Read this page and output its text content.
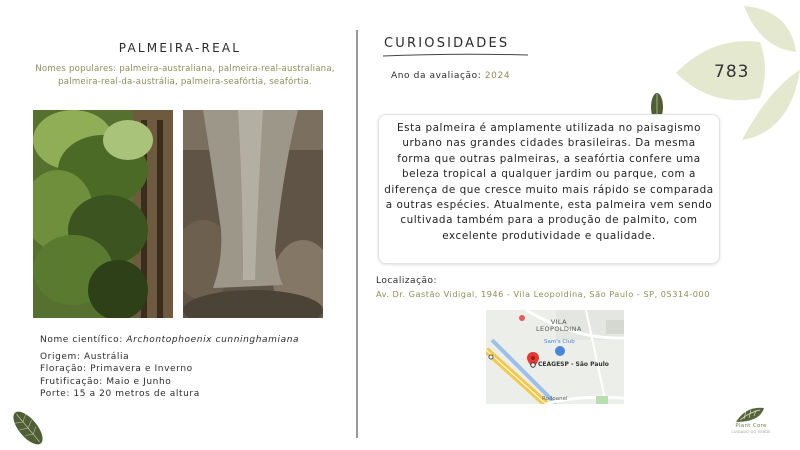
PALMEIRA-REAL
Nomes populares: palmeira-australiana, palmeira-real-australiana, palmeira-real-da-austrália, palmeira-seafórtia, seafórtia.
Nome científico: Archontophoenix cunninghamiana
Origem: Austrália
Floração: Primavera e Inverno
Frutificação: Maio e Junho
Porte: 15 a 20 metros de altura
CURIOSIDADES
Ano da avaliação: 2024	783
Esta palmeira é amplamente utilizada no paisagismo urbano nas grandes cidades brasileiras. Da mesma forma que outras palmeiras, a seafórtia confere uma beleza tropical a qualquer jardim ou parque, com a diferença de que cresce muito mais rápido se comparada a outras espécies. Atualmente, esta palmeira vem sendo cultivada também para a produção de palmito, com excelente produtividade e qualidade.
Localização:
Av. Dr. Gastão Vidigal, 1946 - Vila Leopoldina, São Paulo - SP, 05314-000
VILA
LEOPOLDINA
Sam's Club
CEAGESP - São Paulo
Rodoanel
Plant Core
CUIDADO DO VERDE
